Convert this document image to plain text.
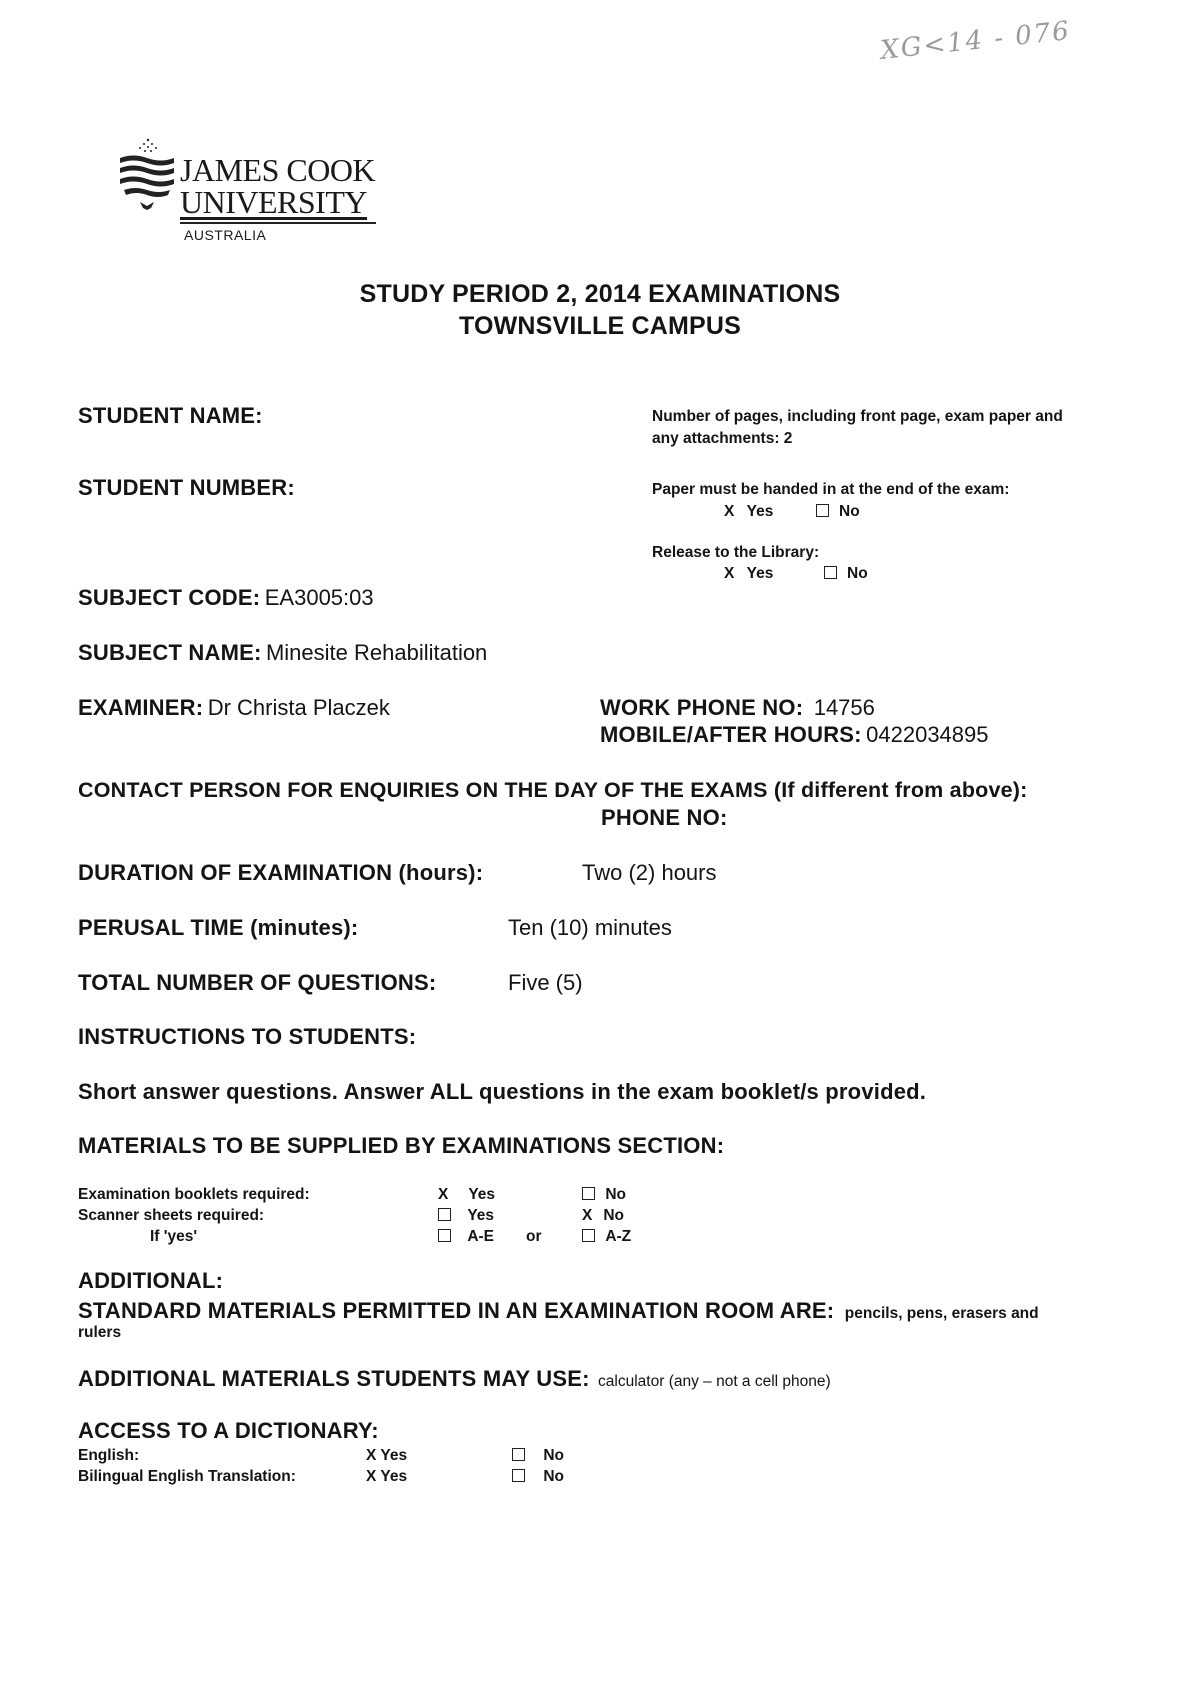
XG<14 - 076
JAMES COOK
UNIVERSITY
AUSTRALIA
STUDY PERIOD 2, 2014 EXAMINATIONS
TOWNSVILLE CAMPUS
STUDENT NAME:
STUDENT NUMBER:
Number of pages, including front page, exam paper and
any attachments: 2
Paper must be handed in at the end of the exam:
X Yes	No
Release to the Library:
X Yes	No
SUBJECT CODE: EA3005:03
SUBJECT NAME: Minesite Rehabilitation
EXAMINER: Dr Christa Placzek	WORK PHONE NO: 14756
MOBILE/AFTER HOURS: 0422034895
CONTACT PERSON FOR ENQUIRIES ON THE DAY OF THE EXAMS (If different from above):
PHONE NO:
DURATION OF EXAMINATION (hours):	Two (2) hours
PERUSAL TIME (minutes):	Ten (10) minutes
TOTAL NUMBER OF QUESTIONS:	Five (5)
INSTRUCTIONS TO STUDENTS:
Short answer questions. Answer ALL questions in the exam booklet/s provided.
MATERIALS TO BE SUPPLIED BY EXAMINATIONS SECTION:
Examination booklets required:	X Yes	No
Scanner sheets required:	Yes	X No
If 'yes'	A-E or	A-Z
ADDITIONAL:
STANDARD MATERIALS PERMITTED IN AN EXAMINATION ROOM ARE: pencils, pens, erasers and
rulers
ADDITIONAL MATERIALS STUDENTS MAY USE: calculator (any – not a cell phone)
ACCESS TO A DICTIONARY:
English:	X Yes	No
Bilingual English Translation:	X Yes	No
